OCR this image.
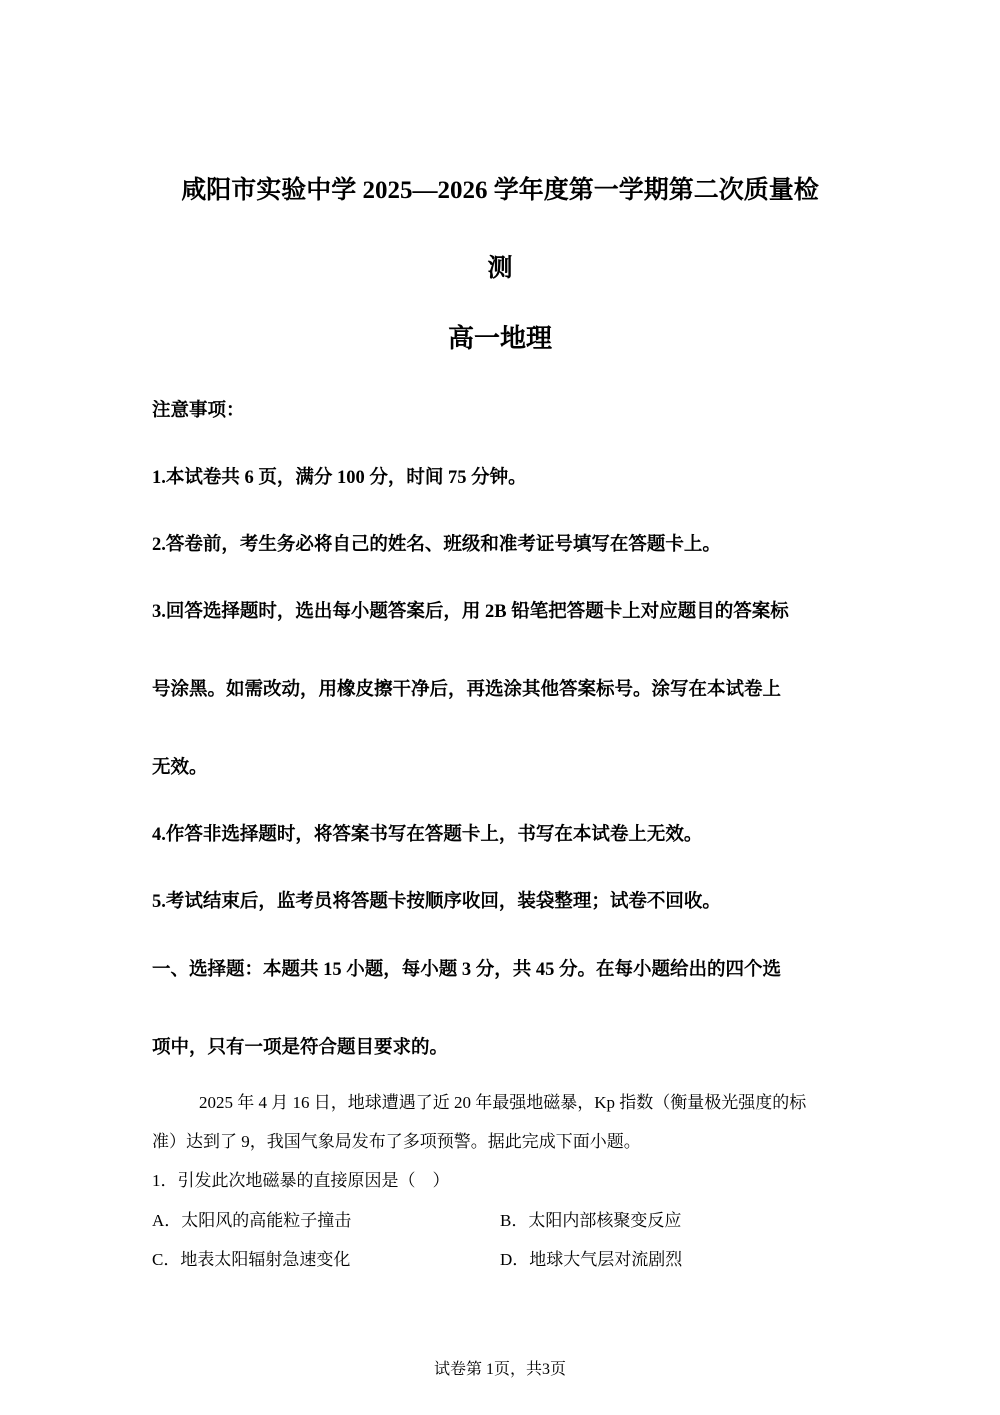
咸阳市实验中学 2025—2026 学年度第一学期第二次质量检
测
高一地理
注意事项：
1.本试卷共 6 页，满分 100 分，时间 75 分钟。
2.答卷前，考生务必将自己的姓名、班级和准考证号填写在答题卡上。
3.回答选择题时，选出每小题答案后，用 2B 铅笔把答题卡上对应题目的答案标
号涂黑。如需改动，用橡皮擦干净后，再选涂其他答案标号。涂写在本试卷上
无效。
4.作答非选择题时，将答案书写在答题卡上，书写在本试卷上无效。
5.考试结束后，监考员将答题卡按顺序收回，装袋整理；试卷不回收。
一、选择题：本题共 15 小题，每小题 3 分，共 45 分。在每小题给出的四个选
项中，只有一项是符合题目要求的。
2025 年 4 月 16 日，地球遭遇了近 20 年最强地磁暴，Kp 指数（衡量极光强度的标
准）达到了 9，我国气象局发布了多项预警。据此完成下面小题。
1．引发此次地磁暴的直接原因是（　）
A．太阳风的高能粒子撞击	B．太阳内部核聚变反应
C．地表太阳辐射急速变化	D．地球大气层对流剧烈
试卷第 1页，共3页
